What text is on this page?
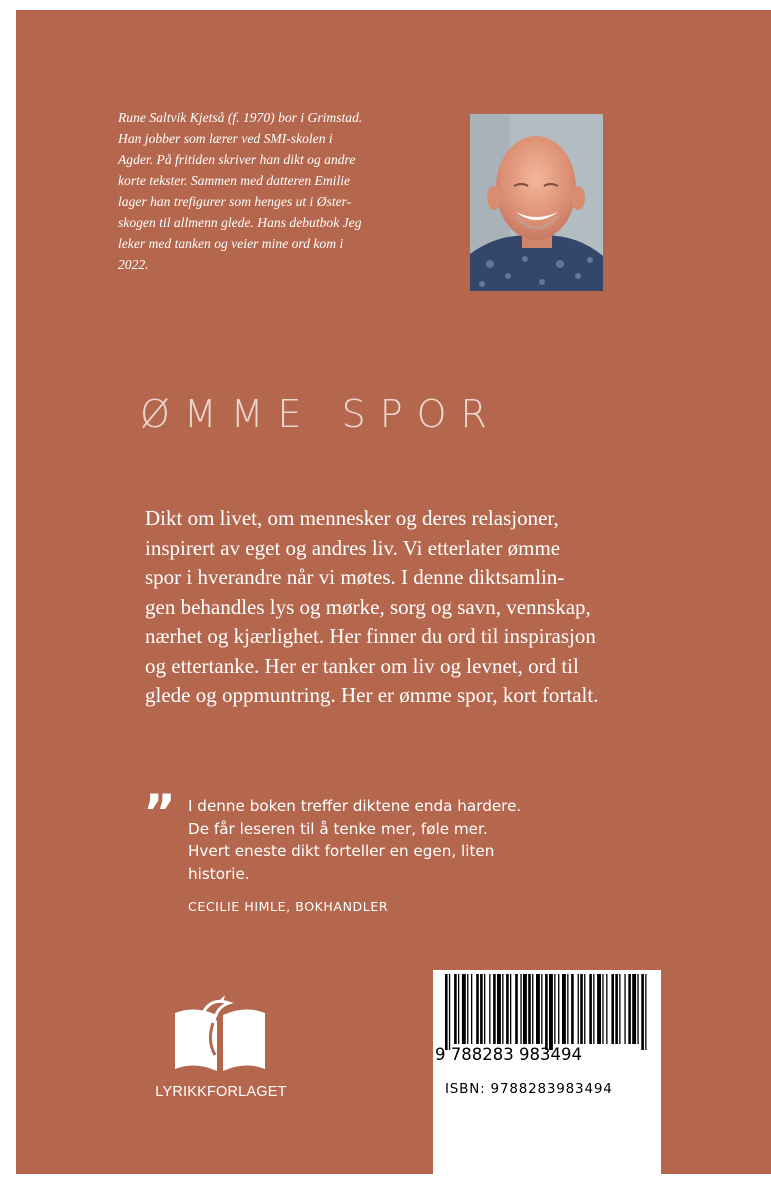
Rune Saltvik Kjetså (f. 1970) bor i Grimstad.
Han jobber som lærer ved SMI-skolen i
Agder. På fritiden skriver han dikt og andre
korte tekster. Sammen med datteren Emilie
lager han trefigurer som henges ut i Øster-
skogen til allmenn glede. Hans debutbok Jeg
leker med tanken og veier mine ord kom i
2022.
ØMME SPOR
Dikt om livet, om mennesker og deres relasjoner,
inspirert av eget og andres liv. Vi etterlater ømme
spor i hverandre når vi møtes. I denne diktsamlin-
gen behandles lys og mørke, sorg og savn, vennskap,
nærhet og kjærlighet. Her finner du ord til inspirasjon
og ettertanke. Her er tanker om liv og levnet, ord til
glede og oppmuntring. Her er ømme spor, kort fortalt.
” I denne boken treffer diktene enda hardere.
De får leseren til å tenke mer, føle mer.
Hvert eneste dikt forteller en egen, liten
historie.
CECILIE HIMLE, BOKHANDLER
LYRIKKFORLAGET
9 788283 983494
ISBN: 9788283983494
